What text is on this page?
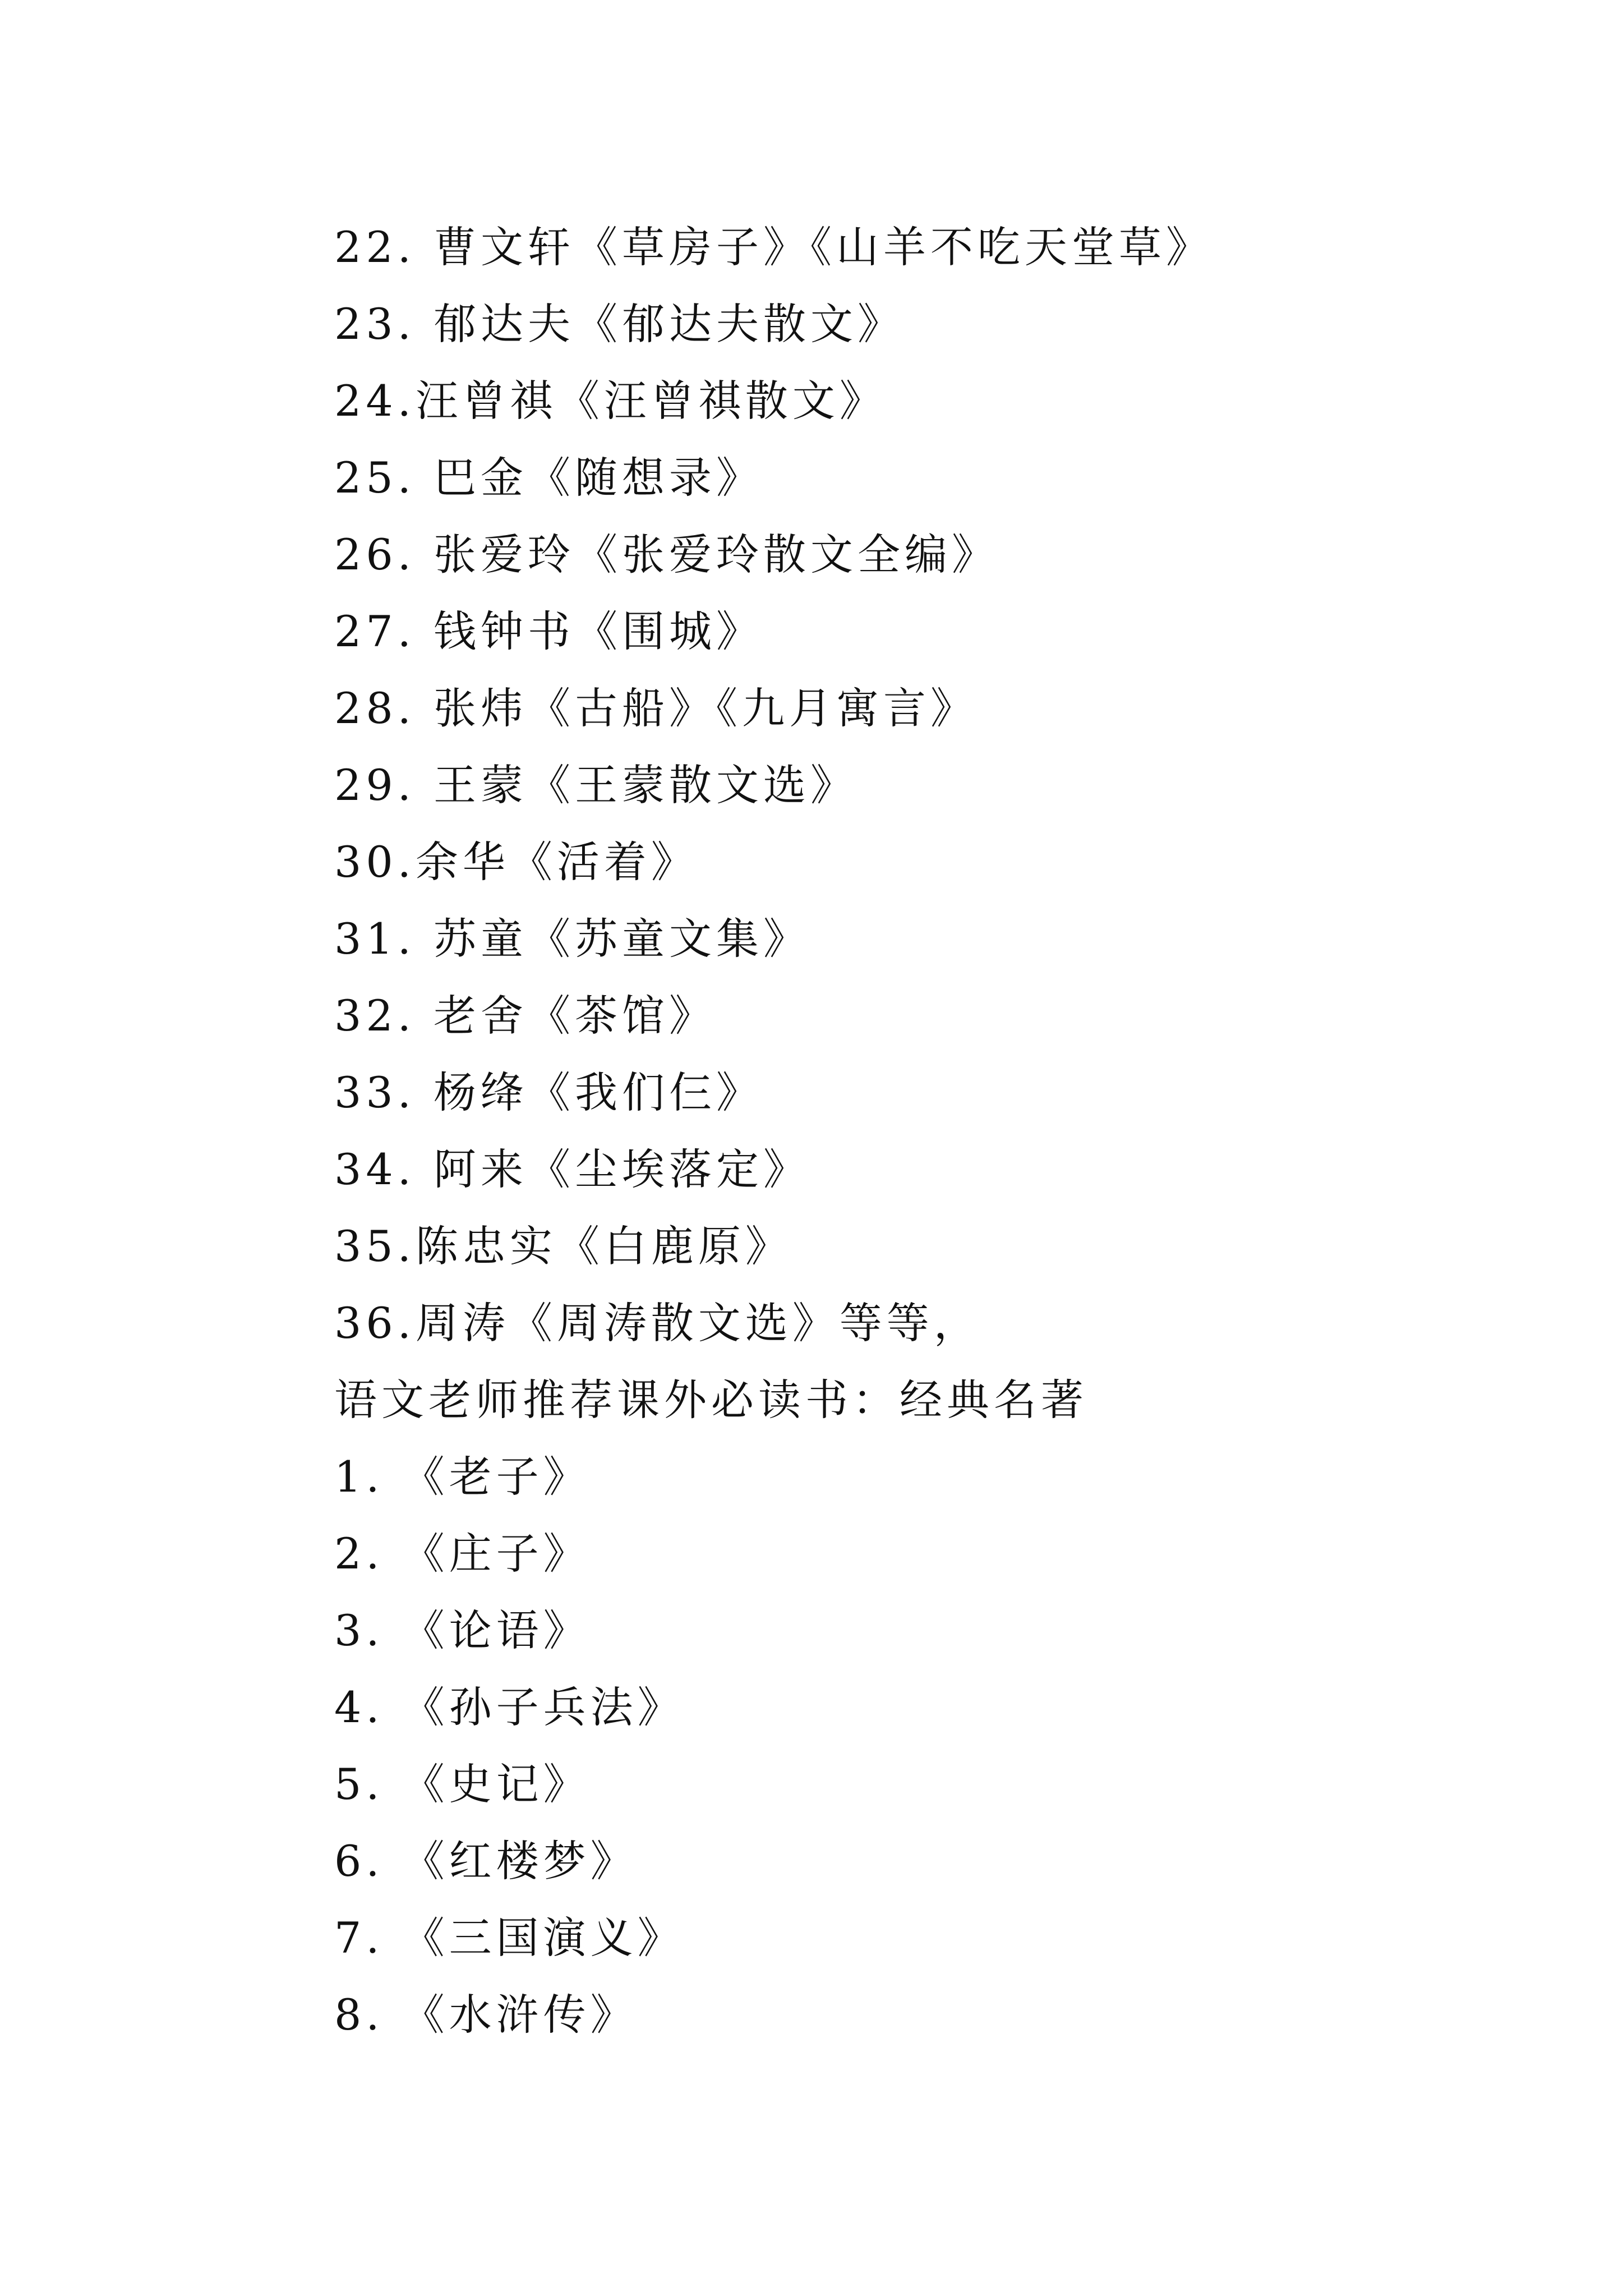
22. 曹文轩《草房子》《山羊不吃天堂草》
23. 郁达夫《郁达夫散文》
24.汪曾祺《汪曾祺散文》
25. 巴金《随想录》
26. 张爱玲《张爱玲散文全编》
27. 钱钟书《围城》
28. 张炜《古船》《九月寓言》
29. 王蒙《王蒙散文选》
30.余华《活着》
31. 苏童《苏童文集》
32. 老舍《茶馆》
33. 杨绛《我们仨》
34. 阿来《尘埃落定》
35.陈忠实《白鹿原》
36.周涛《周涛散文选》等等，
语文老师推荐课外必读书：经典名著
1. 《老子》
2. 《庄子》
3. 《论语》
4. 《孙子兵法》
5. 《史记》
6. 《红楼梦》
7. 《三国演义》
8. 《水浒传》
